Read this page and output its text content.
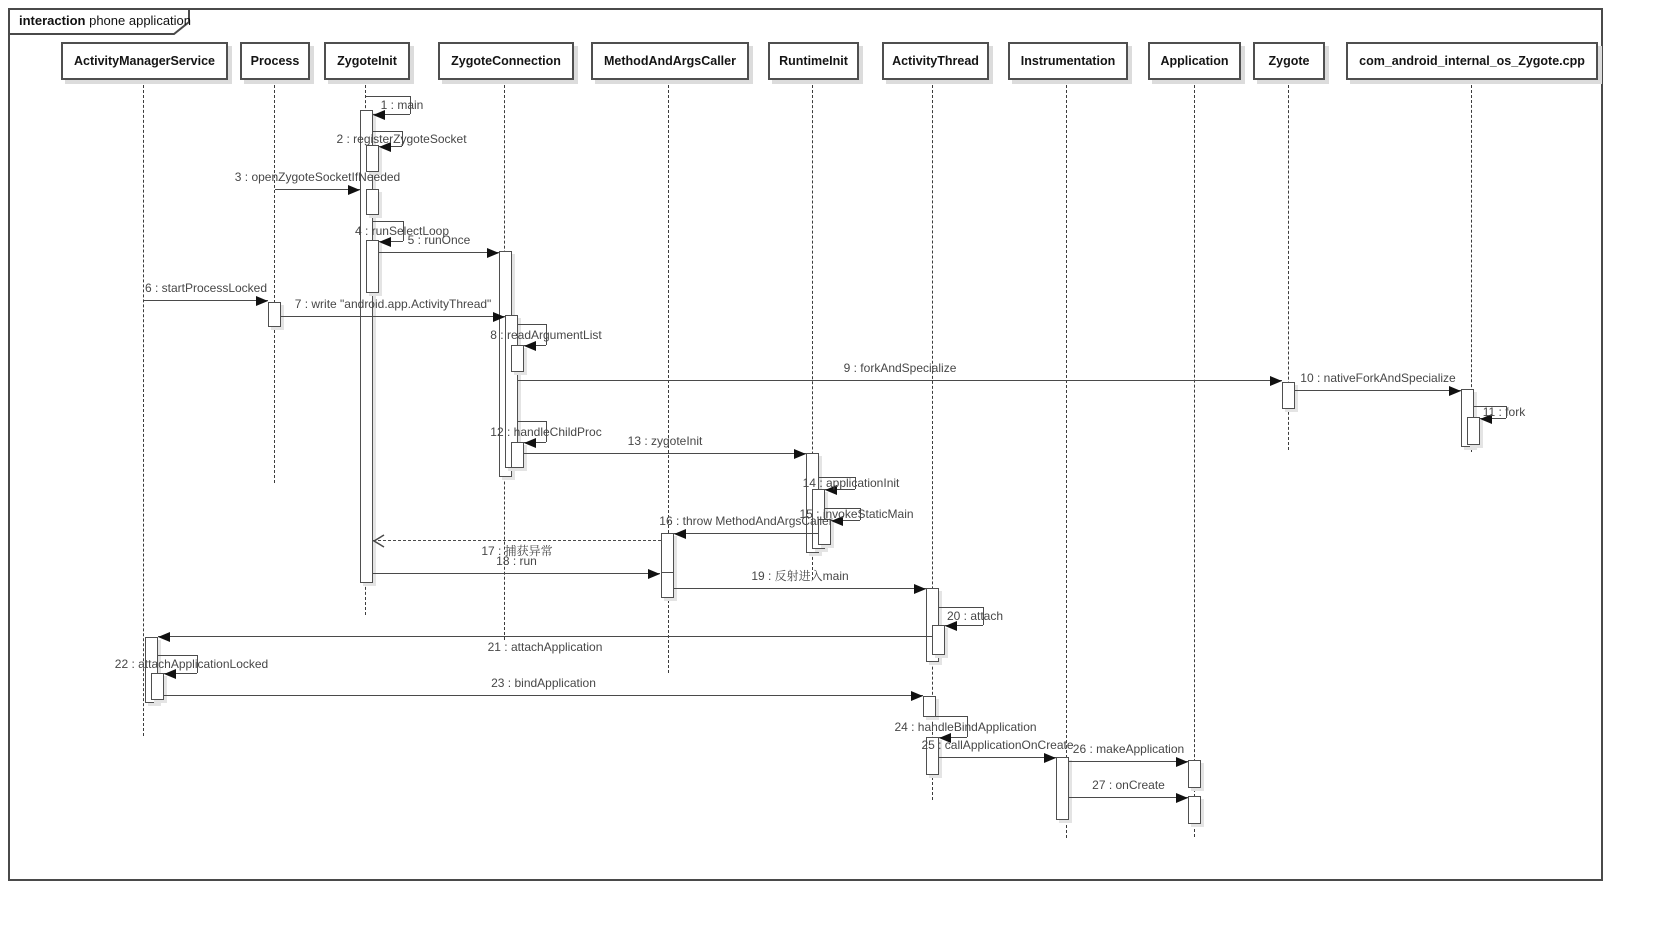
interaction phone application
ActivityManagerService	Process	ZygoteInit	ZygoteConnection	MethodAndArgsCaller	RuntimeInit	ActivityThread	Instrumentation	Application	Zygote	com_android_internal_os_Zygote.cpp
1 : main
2 : registerZygoteSocket
3 : openZygoteSocketIfNeeded
4 : runSelectLoop
5 : runOnce
6 : startProcessLocked
7 : write "android.app.ActivityThread"
8 : readArgumentList
9 : forkAndSpecialize
10 : nativeForkAndSpecialize
11 : fork
12 : handleChildProc
13 : zygoteInit
14 : applicationInit
15 : invokeStaticMain
16 : throw MethodAndArgsCaller
17 : 捕获异常
18 : run
19 : 反射进入main
20 : attach
21 : attachApplication
22 : attachApplicationLocked
23 : bindApplication
24 : handleBindApplication
25 : callApplicationOnCreate 26 : makeApplication
27 : onCreate
